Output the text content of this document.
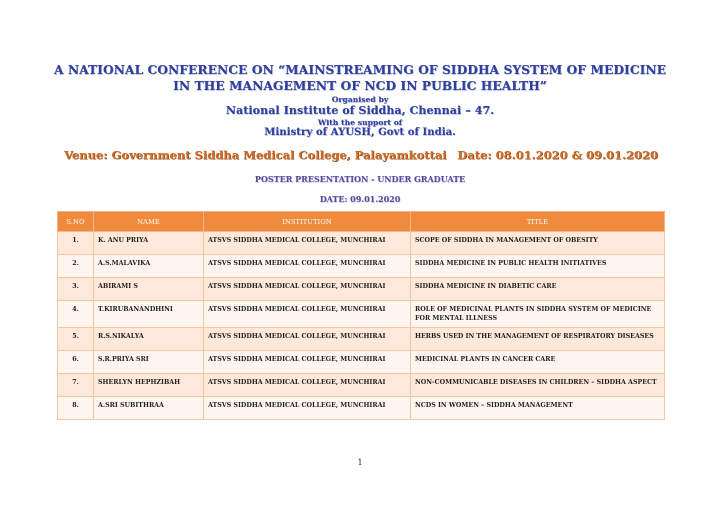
A NATIONAL CONFERENCE ON “MAINSTREAMING OF SIDDHA SYSTEM OF MEDICINE
IN THE MANAGEMENT OF NCD IN PUBLIC HEALTH”
Organised by
National Institute of Siddha, Chennai – 47.
With the support of
Ministry of AYUSH, Govt of India.
Venue: Government Siddha Medical College, Palayamkottai Date: 08.01.2020 & 09.01.2020
POSTER PRESENTATION - UNDER GRADUATE
DATE: 09.01.2020
S.NO	NAME	INSTITUTION	TITLE
1.	K. ANU PRIYA	ATSVS SIDDHA MEDICAL COLLEGE, MUNCHIRAI	SCOPE OF SIDDHA IN MANAGEMENT OF OBESITY
2.	A.S.MALAVIKA	ATSVS SIDDHA MEDICAL COLLEGE, MUNCHIRAI	SIDDHA MEDICINE IN PUBLIC HEALTH INITIATIVES
3.	ABIRAMI S	ATSVS SIDDHA MEDICAL COLLEGE, MUNCHIRAI	SIDDHA MEDICINE IN DIABETIC CARE
4.	T.KIRUBANANDHINI	ATSVS SIDDHA MEDICAL COLLEGE, MUNCHIRAI	ROLE OF MEDICINAL PLANTS IN SIDDHA SYSTEM OF MEDICINE FOR MENTAL ILLNESS
5.	R.S.NIKALYA	ATSVS SIDDHA MEDICAL COLLEGE, MUNCHIRAI	HERBS USED IN THE MANAGEMENT OF RESPIRATORY DISEASES
6.	S.R.PRIYA SRI	ATSVS SIDDHA MEDICAL COLLEGE, MUNCHIRAI	MEDICINAL PLANTS IN CANCER CARE
7.	SHERLYN HEPHZIBAH	ATSVS SIDDHA MEDICAL COLLEGE, MUNCHIRAI	NON-COMMUNICABLE DISEASES IN CHILDREN – SIDDHA ASPECT
8.	A.SRI SUBITHRAA	ATSVS SIDDHA MEDICAL COLLEGE, MUNCHIRAI	NCDS IN WOMEN – SIDDHA MANAGEMENT
1
